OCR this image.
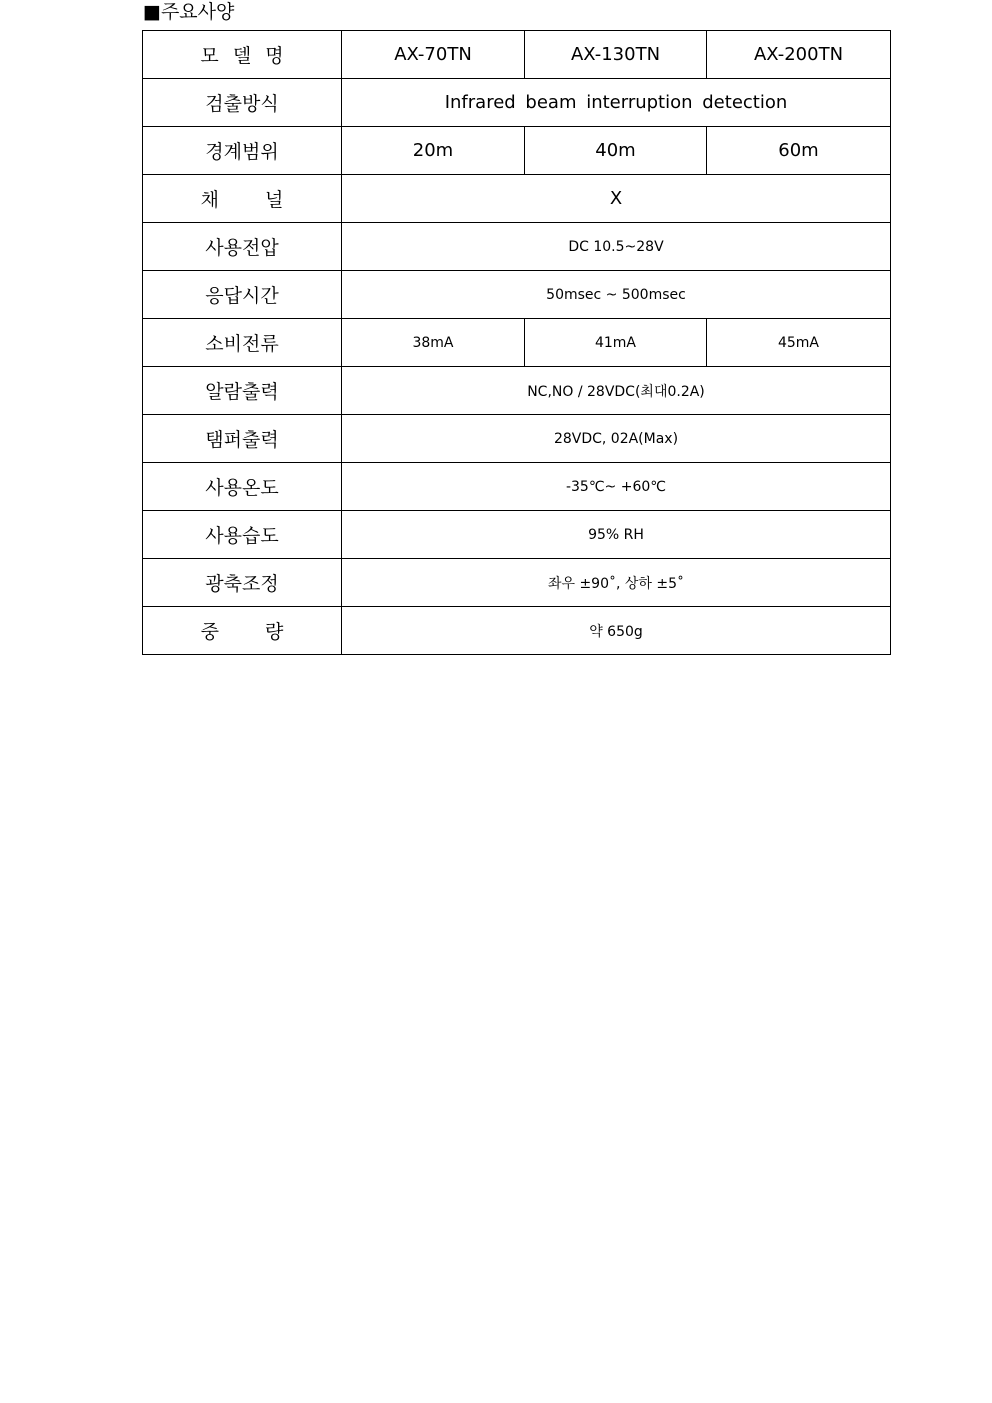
■주요사양
모 델 명	AX-70TN	AX-130TN	AX-200TN
검출방식	Infrared beam interruption detection		
경계범위	20m	40m	60m
채 널	X		
사용전압	DC 10.5~28V		
응답시간	50msec ~ 500msec		
소비전류	38mA	41mA	45mA
알람출력	NC,NO / 28VDC(최대0.2A)		
탬퍼출력	28VDC, 02A(Max)		
사용온도	-35℃~ +60℃		
사용습도	95% RH		
광축조정	좌우 ±90˚, 상하 ±5˚		
중 량	약 650g		
